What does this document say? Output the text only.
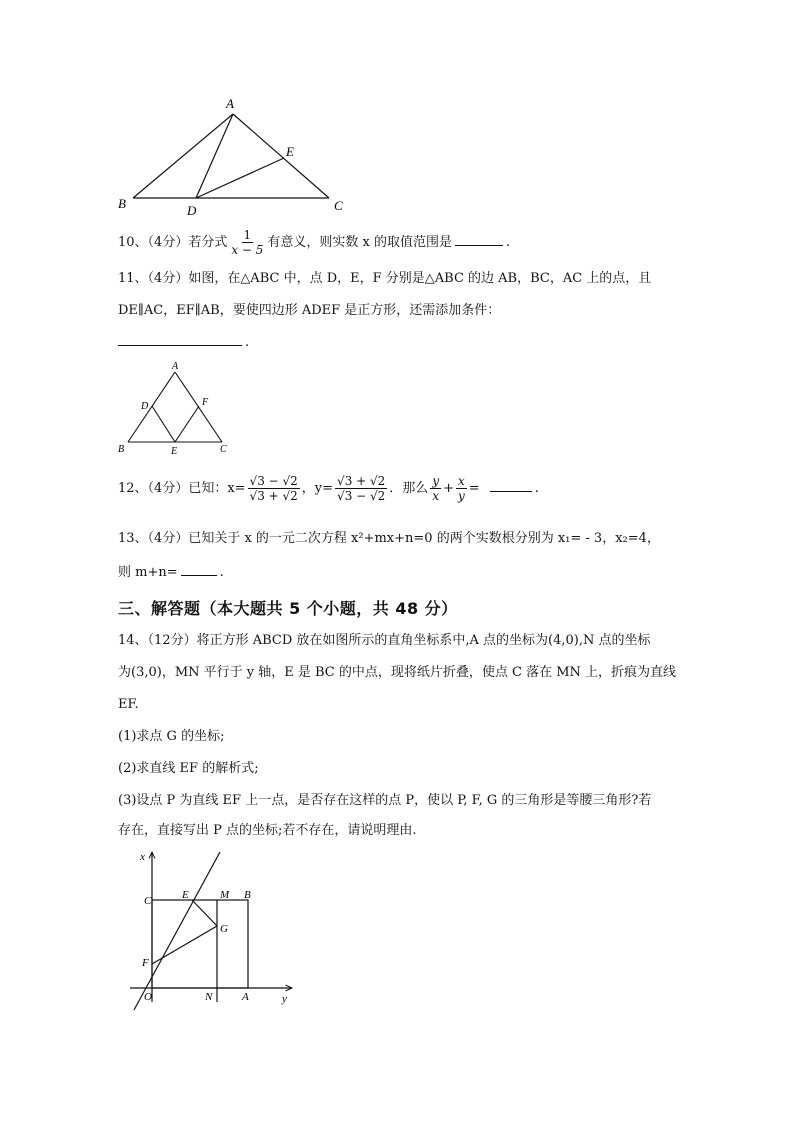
A
B	C
D
E
10、（4分）若分式 $\frac{1}{x - 5}$ 有意义，则实数 x 的取值范围是	.
11、（4分）如图，在△ABC 中，点 D，E，F 分别是△ABC 的边 AB，BC，AC 上的点，且
DE∥AC，EF∥AB，要使四边形 ADEF 是正方形，还需添加条件：
.
A
D	F
B	E	C
12、（4分）已知：$x= \frac{√3 - √2}{√3 + √2}$ ，$y= \frac{√3 + √2}{√3 - √2}$ ．那么 $\frac{y}{x} + \frac{x}{y}$ =	.
13、（4分）已知关于 x 的一元二次方程 x²+mx+n=0 的两个实数根分别为 x₁= - 3，x₂=4，
则 m+n=	.
三、解答题（本大题共 5 个小题，共 48 分）
14、（12分）将正方形 ABCD 放在如图所示的直角坐标系中,A 点的坐标为(4,0),N 点的坐标
为(3,0)，MN 平行于 y 轴，E 是 BC 的中点，现将纸片折叠，使点 C 落在 MN 上，折痕为直线
EF.
(1)求点 G 的坐标;
(2)求直线 EF 的解析式;
(3)设点 P 为直线 EF 上一点，是否存在这样的点 P，使以 P, F, G 的三角形是等腰三角形?若
存在，直接写出 P 点的坐标;若不存在，请说明理由.
x
y
O	N	A
C	E	M B
G
F
